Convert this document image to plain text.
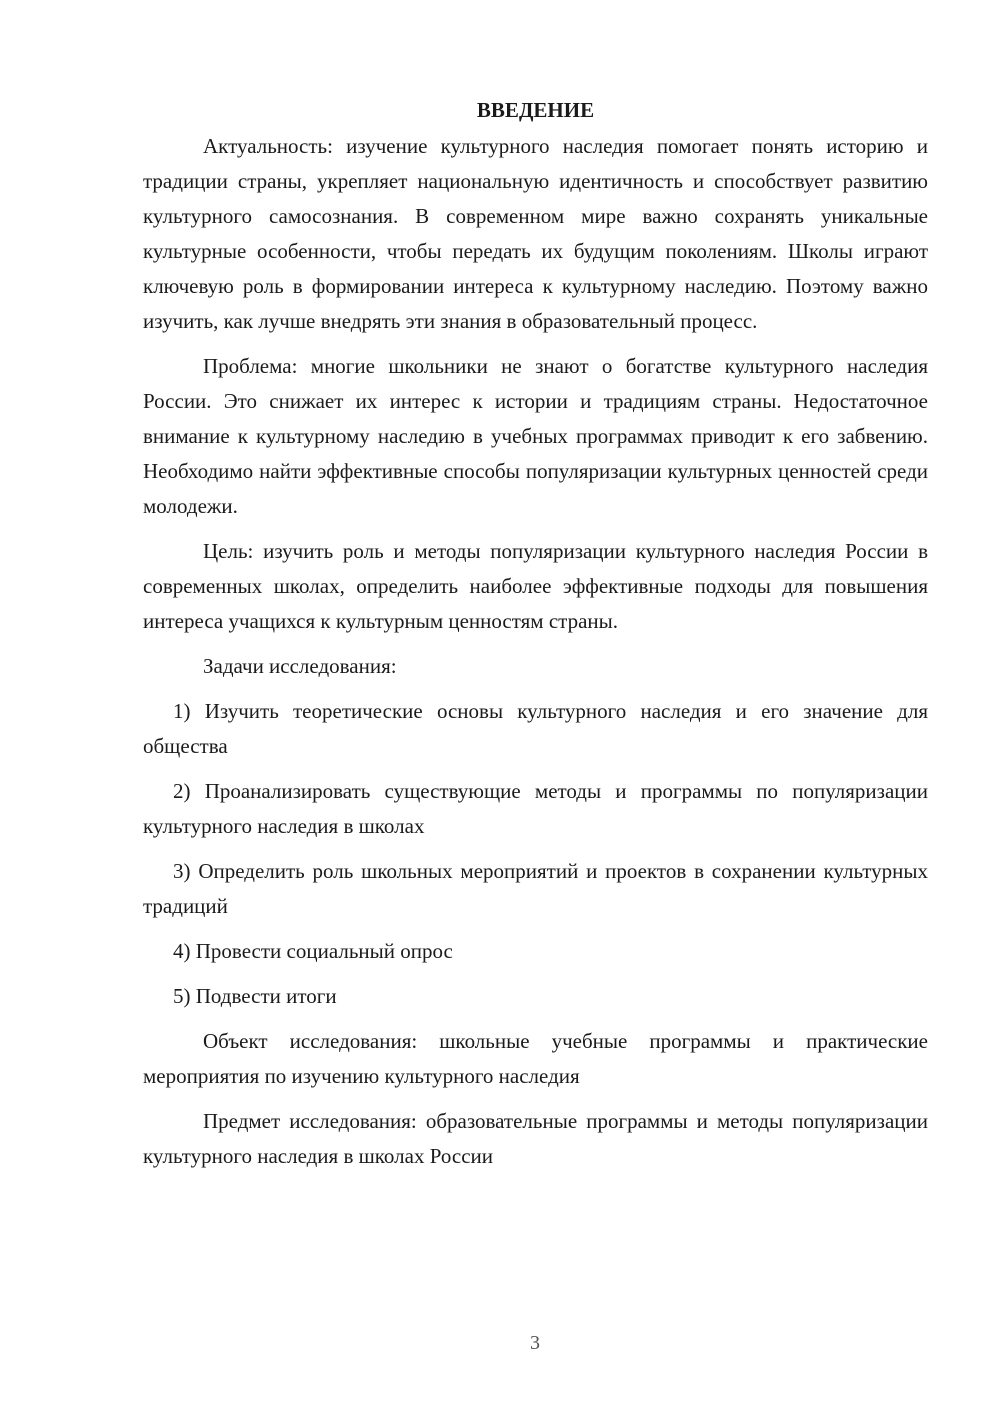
ВВЕДЕНИЕ

Актуальность: изучение культурного наследия помогает понять историю и традиции страны, укрепляет национальную идентичность и способствует развитию культурного самосознания. В современном мире важно сохранять уникальные культурные особенности, чтобы передать их будущим поколениям. Школы играют ключевую роль в формировании интереса к культурному наследию. Поэтому важно изучить, как лучше внедрять эти знания в образовательный процесс.

Проблема: многие школьники не знают о богатстве культурного наследия России. Это снижает их интерес к истории и традициям страны. Недостаточное внимание к культурному наследию в учебных программах приводит к его забвению. Необходимо найти эффективные способы популяризации культурных ценностей среди молодежи.

Цель: изучить роль и методы популяризации культурного наследия России в современных школах, определить наиболее эффективные подходы для повышения интереса учащихся к культурным ценностям страны.

Задачи исследования:

1) Изучить теоретические основы культурного наследия и его значение для общества

2) Проанализировать существующие методы и программы по популяризации культурного наследия в школах

3) Определить роль школьных мероприятий и проектов в сохранении культурных традиций

4) Провести социальный опрос

5) Подвести итоги

Объект исследования: школьные учебные программы и практические мероприятия по изучению культурного наследия

Предмет исследования: образовательные программы и методы популяризации культурного наследия в школах России

3
